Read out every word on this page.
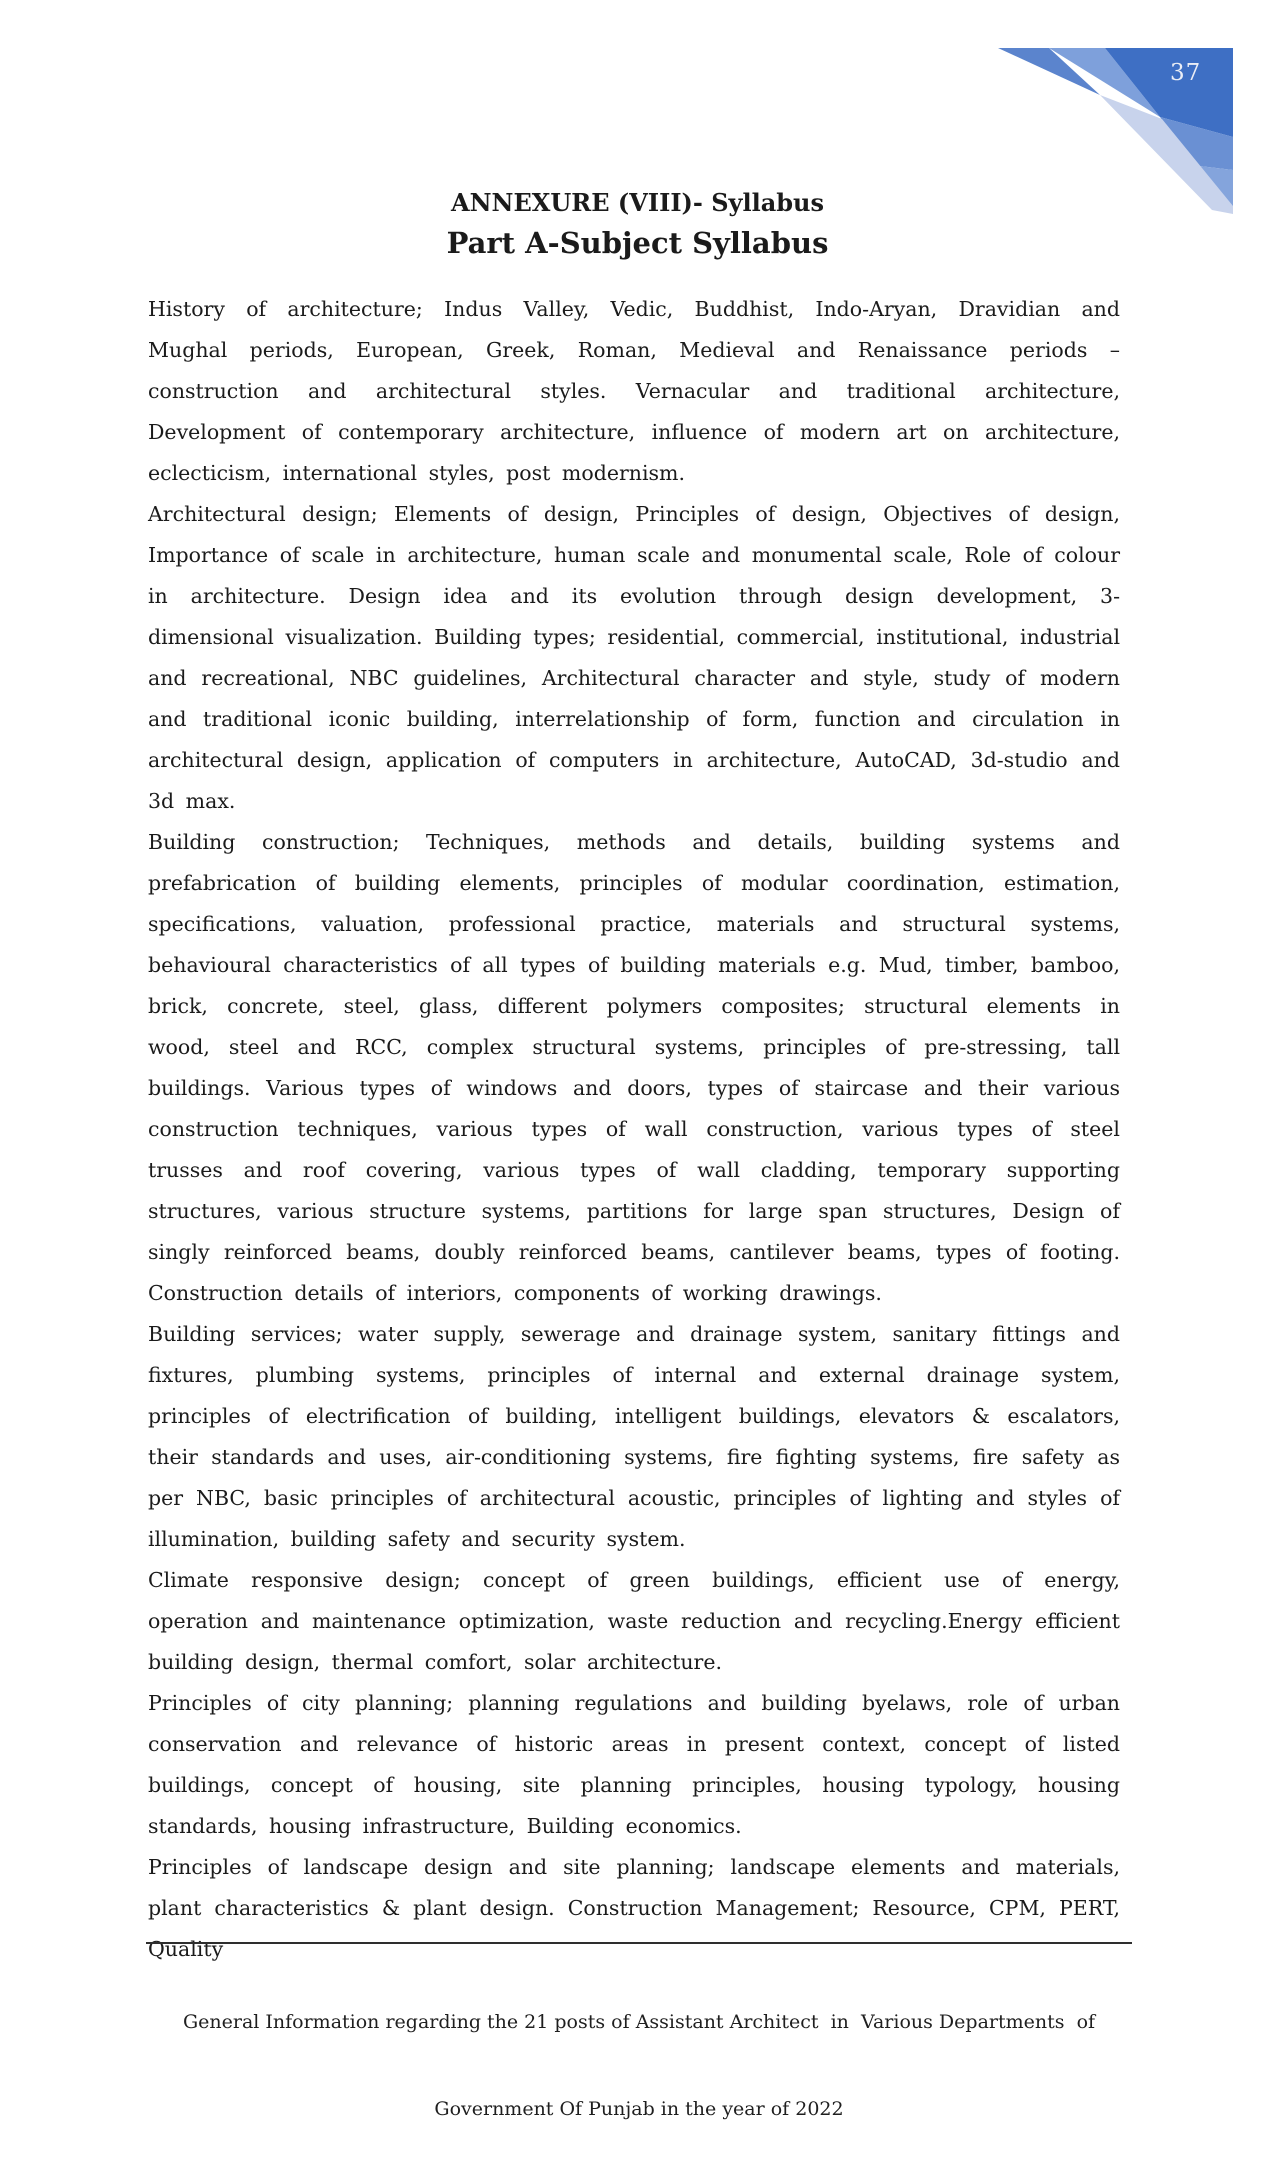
37
ANNEXURE (VIII)- Syllabus
Part A-Subject Syllabus

History of architecture; Indus Valley, Vedic, Buddhist, Indo-Aryan, Dravidian and Mughal periods, European, Greek, Roman, Medieval and Renaissance periods – construction and architectural styles. Vernacular and traditional architecture, Development of contemporary architecture, influence of modern art on architecture, eclecticism, international styles, post modernism.

Architectural design; Elements of design, Principles of design, Objectives of design, Importance of scale in architecture, human scale and monumental scale, Role of colour in architecture. Design idea and its evolution through design development, 3-dimensional visualization. Building types; residential, commercial, institutional, industrial and recreational, NBC guidelines, Architectural character and style, study of modern and traditional iconic building, interrelationship of form, function and circulation in architectural design, application of computers in architecture, AutoCAD, 3d-studio and 3d max.

Building construction; Techniques, methods and details, building systems and prefabrication of building elements, principles of modular coordination, estimation, specifications, valuation, professional practice, materials and structural systems, behavioural characteristics of all types of building materials e.g. Mud, timber, bamboo, brick, concrete, steel, glass, different polymers composites; structural elements in wood, steel and RCC, complex structural systems, principles of pre-stressing, tall buildings. Various types of windows and doors, types of staircase and their various construction techniques, various types of wall construction, various types of steel trusses and roof covering, various types of wall cladding, temporary supporting structures, various structure systems, partitions for large span structures, Design of singly reinforced beams, doubly reinforced beams, cantilever beams, types of footing. Construction details of interiors, components of working drawings.

Building services; water supply, sewerage and drainage system, sanitary fittings and fixtures, plumbing systems, principles of internal and external drainage system, principles of electrification of building, intelligent buildings, elevators & escalators, their standards and uses, air-conditioning systems, fire fighting systems, fire safety as per NBC, basic principles of architectural acoustic, principles of lighting and styles of illumination, building safety and security system.

Climate responsive design; concept of green buildings, efficient use of energy, operation and maintenance optimization, waste reduction and recycling.Energy efficient building design, thermal comfort, solar architecture.

Principles of city planning; planning regulations and building byelaws, role of urban conservation and relevance of historic areas in present context, concept of listed buildings, concept of housing, site planning principles, housing typology, housing standards, housing infrastructure, Building economics.

Principles of landscape design and site planning; landscape elements and materials, plant characteristics & plant design. Construction Management; Resource, CPM, PERT, Quality

General Information regarding the 21 posts of Assistant Architect  in  Various Departments  of

Government Of Punjab in the year of 2022
